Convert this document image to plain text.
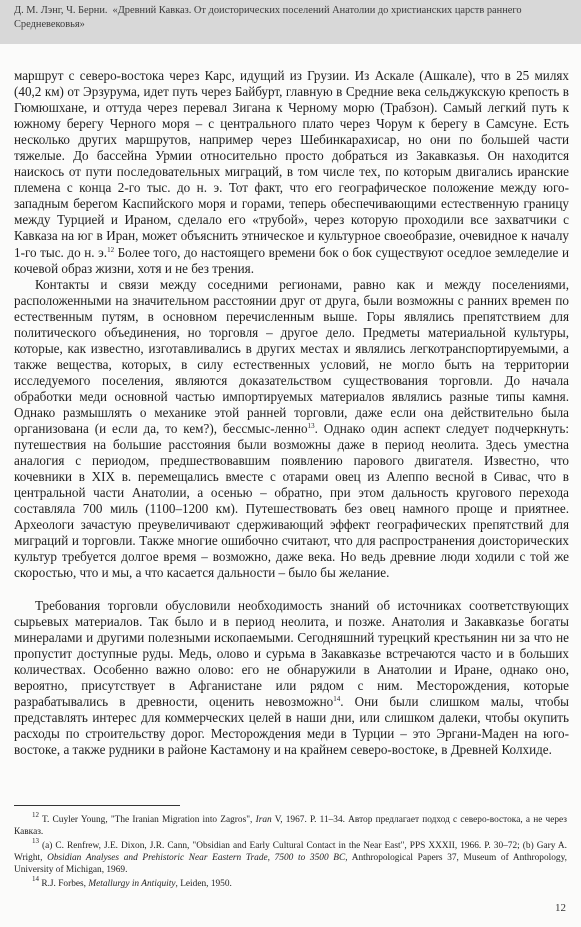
Д. М. Лэнг, Ч. Берни. «Древний Кавказ. От доисторических поселений Анатолии до христианских царств раннего
Средневековья»

маршрут с северо-востока через Карс, идущий из Грузии. Из Аскале (Ашкале), что в 25 милях (40,2 км) от Эрзурума, идет путь через Байбурт, главную в Средние века сельджукскую крепость в Гюмюшхане, и оттуда через перевал Зигана к Черному морю (Трабзон). Самый легкий путь к южному берегу Черного моря – с центрального плато через Чорум к берегу в Самсуне. Есть несколько других маршрутов, например через Шебинкарахисар, но они по большей части тяжелые. До бассейна Урмии относительно просто добраться из Закавказья. Он находится наискось от пути последовательных миграций, в том числе тех, по которым двигались иранские племена с конца 2-го тыс. до н. э. Тот факт, что его географическое положение между юго-западным берегом Каспийского моря и горами, теперь обеспечивающими естественную границу между Турцией и Ираном, сделало его «трубой», через которую проходили все захватчики с Кавказа на юг в Иран, может объяснить этническое и культурное своеобразие, очевидное к началу 1-го тыс. до н. э.$^{12}$ Более того, до настоящего времени бок о бок существуют оседлое земледелие и кочевой образ жизни, хотя и не без трения.

Контакты и связи между соседними регионами, равно как и между поселениями, расположенными на значительном расстоянии друг от друга, были возможны с ранних времен по естественным путям, в основном перечисленным выше. Горы являлись препятствием для политического объединения, но торговля – другое дело. Предметы материальной культуры, которые, как известно, изготавливались в других местах и являлись легкотранспортируемыми, а также вещества, которых, в силу естественных условий, не могло быть на территории исследуемого поселения, являются доказательством существования торговли. До начала обработки меди основной частью импортируемых материалов являлись разные типы камня. Однако размышлять о механике этой ранней торговли, даже если она действительно была организована (и если да, то кем?), бессмыс-ленно$^{13}$. Однако один аспект следует подчеркнуть: путешествия на большие расстояния были возможны даже в период неолита. Здесь уместна аналогия с периодом, предшествовавшим появлению парового двигателя. Известно, что кочевники в XIX в. перемещались вместе с отарами овец из Алеппо весной в Сивас, что в центральной части Анатолии, а осенью – обратно, при этом дальность кругового перехода составляла 700 миль (1100–1200 км). Путешествовать без овец намного проще и приятнее. Археологи зачастую преувеличивают сдерживающий эффект географических препятствий для миграций и торговли. Также многие ошибочно считают, что для распространения доисторических культур требуется долгое время – возможно, даже века. Но ведь древние люди ходили с той же скоростью, что и мы, а что касается дальности – было бы желание.

Требования торговли обусловили необходимость знаний об источниках соответствующих сырьевых материалов. Так было и в период неолита, и позже. Анатолия и Закавказье богаты минералами и другими полезными ископаемыми. Сегодняшний турецкий крестьянин ни за что не пропустит доступные руды. Медь, олово и сурьма в Закавказье встречаются часто и в больших количествах. Особенно важно олово: его не обнаружили в Анатолии и Иране, однако оно, вероятно, присутствует в Афганистане или рядом с ним. Месторождения, которые разрабатывались в древности, оценить невозможно$^{14}$. Они были слишком малы, чтобы представлять интерес для коммерческих целей в наши дни, или слишком далеки, чтобы окупить расходы по строительству дорог. Месторождения меди в Турции – это Эргани-Маден на юго-востоке, а также рудники в районе Кастамону и на крайнем северо-востоке, в Древней Колхиде.

$^{12}$ T. Cuyler Young, "The Iranian Migration into Zagros", Iran V, 1967. P. 11–34. Автор предлагает подход с северо-востока, а не через Кавказ.

$^{13}$ (a) C. Renfrew, J.E. Dixon, J.R. Cann, "Obsidian and Early Cultural Contact in the Near East", PPS XXXII, 1966. P. 30–72; (b) Gary A. Wright, Obsidian Analyses and Prehistoric Near Eastern Trade, 7500 to 3500 BC, Anthropological Papers 37, Museum of Anthropology, University of Michigan, 1969.

$^{14}$ R.J. Forbes, Metallurgy in Antiquity, Leiden, 1950.

12
